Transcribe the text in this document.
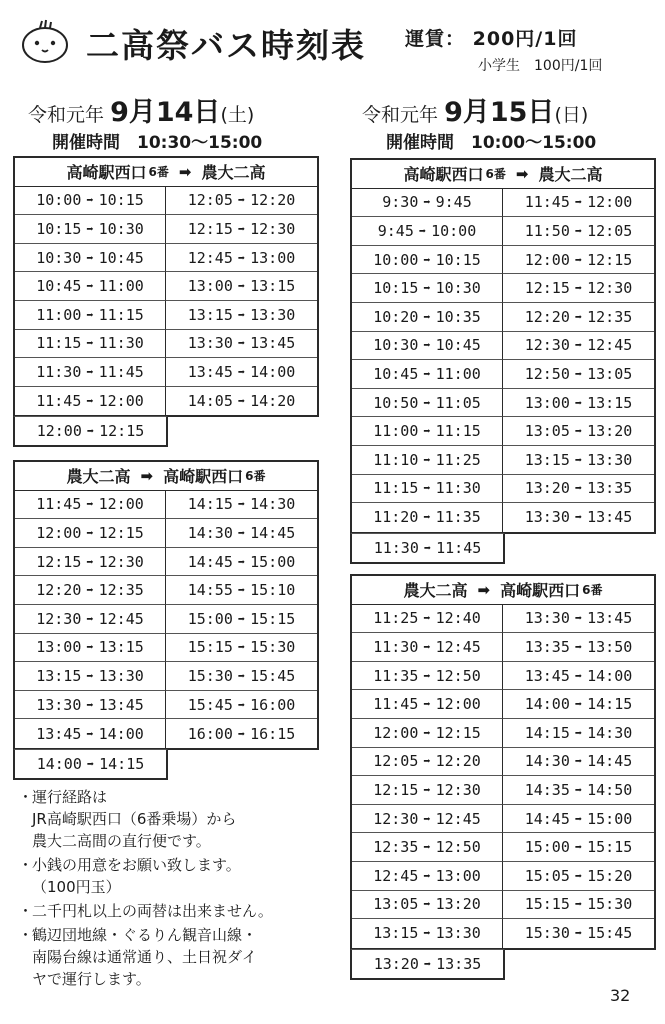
二高祭バス時刻表 運賃： 200円/1回
小学生　100円/1回
令和元年 9月14日(土)
開催時間　10:30～15:00
令和元年 9月15日(日)
開催時間　10:00～15:00
高崎駅西口 6番 ➡ 農大二高
10:00 ➡ 10:15	12:05 ➡ 12:20
10:15 ➡ 10:30	12:15 ➡ 12:30
10:30 ➡ 10:45	12:45 ➡ 13:00
10:45 ➡ 11:00	13:00 ➡ 13:15
11:00 ➡ 11:15	13:15 ➡ 13:30
11:15 ➡ 11:30	13:30 ➡ 13:45
11:30 ➡ 11:45	13:45 ➡ 14:00
11:45 ➡ 12:00	14:05 ➡ 14:20
12:00 ➡ 12:15
農大二高 ➡ 高崎駅西口 6番
11:45 ➡ 12:00	14:15 ➡ 14:30
12:00 ➡ 12:15	14:30 ➡ 14:45
12:15 ➡ 12:30	14:45 ➡ 15:00
12:20 ➡ 12:35	14:55 ➡ 15:10
12:30 ➡ 12:45	15:00 ➡ 15:15
13:00 ➡ 13:15	15:15 ➡ 15:30
13:15 ➡ 13:30	15:30 ➡ 15:45
13:30 ➡ 13:45	15:45 ➡ 16:00
13:45 ➡ 14:00	16:00 ➡ 16:15
14:00 ➡ 14:15
高崎駅西口 6番 ➡ 農大二高
9:30 ➡ 9:45	11:45 ➡ 12:00
9:45 ➡ 10:00	11:50 ➡ 12:05
10:00 ➡ 10:15	12:00 ➡ 12:15
10:15 ➡ 10:30	12:15 ➡ 12:30
10:20 ➡ 10:35	12:20 ➡ 12:35
10:30 ➡ 10:45	12:30 ➡ 12:45
10:45 ➡ 11:00	12:50 ➡ 13:05
10:50 ➡ 11:05	13:00 ➡ 13:15
11:00 ➡ 11:15	13:05 ➡ 13:20
11:10 ➡ 11:25	13:15 ➡ 13:30
11:15 ➡ 11:30	13:20 ➡ 13:35
11:20 ➡ 11:35	13:30 ➡ 13:45
11:30 ➡ 11:45
農大二高 ➡ 高崎駅西口 6番
11:25 ➡ 12:40	13:30 ➡ 13:45
11:30 ➡ 12:45	13:35 ➡ 13:50
11:35 ➡ 12:50	13:45 ➡ 14:00
11:45 ➡ 12:00	14:00 ➡ 14:15
12:00 ➡ 12:15	14:15 ➡ 14:30
12:05 ➡ 12:20	14:30 ➡ 14:45
12:15 ➡ 12:30	14:35 ➡ 14:50
12:30 ➡ 12:45	14:45 ➡ 15:00
12:35 ➡ 12:50	15:00 ➡ 15:15
12:45 ➡ 13:00	15:05 ➡ 15:20
13:05 ➡ 13:20	15:15 ➡ 15:30
13:15 ➡ 13:30	15:30 ➡ 15:45
13:20 ➡ 13:35
・
運行経路は
JR高崎駅西口（6番乗場）から
農大二高間の直行便です。
・
小銭の用意をお願い致します。
（100円玉）
・
二千円札以上の両替は出来ません。
・
鶴辺団地線・ぐるりん観音山線・
南陽台線は通常通り、土日祝ダイ
ヤで運行します。
32
